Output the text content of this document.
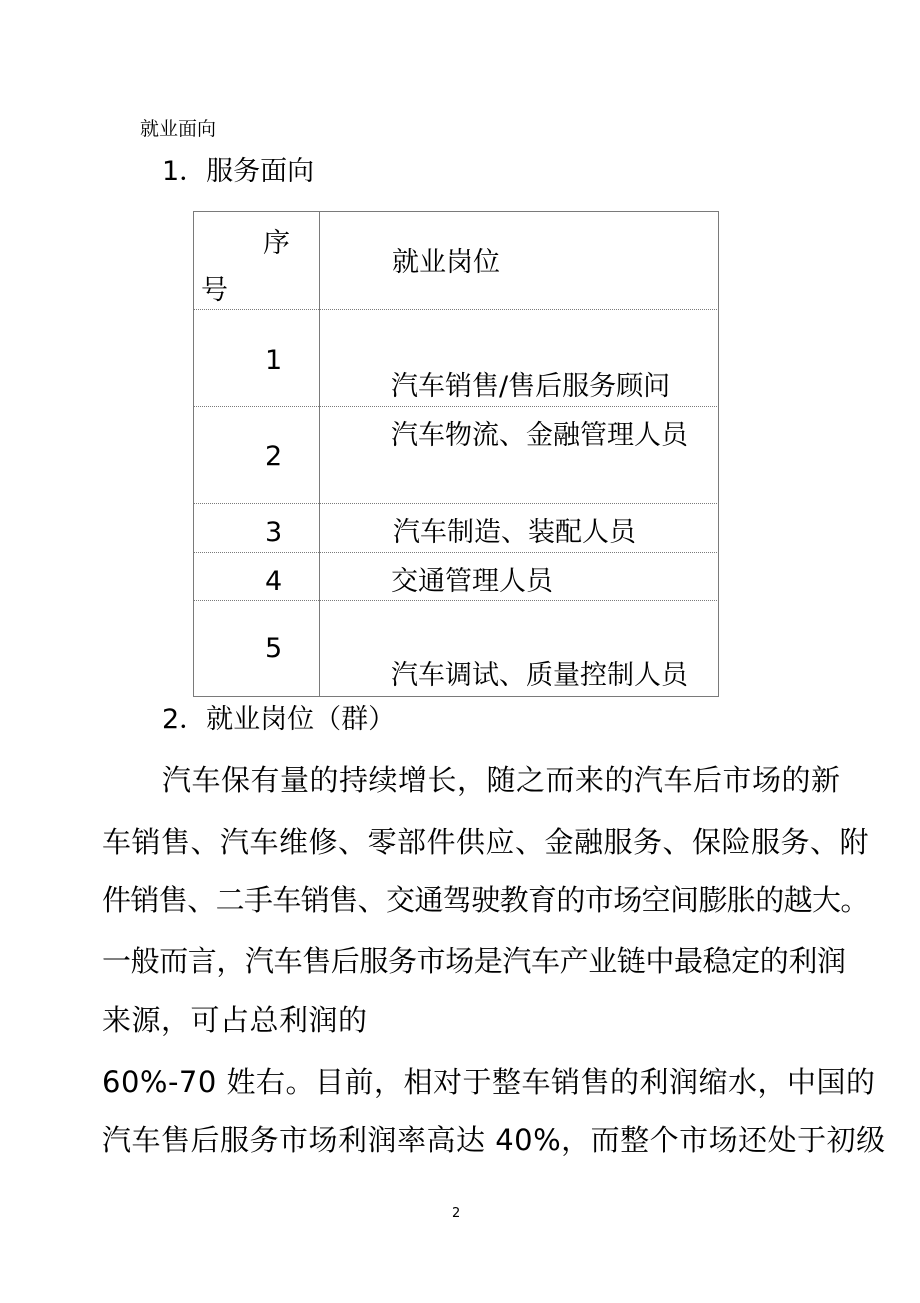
就业面向
1．服务面向
序
号
就业岗位
1
汽车销售/售后服务顾问
2
汽车物流、金融管理人员
3	汽车制造、装配人员
4	交通管理人员
5
汽车调试、质量控制人员
2．就业岗位（群）
汽车保有量的持续增长，随之而来的汽车后市场的新
车销售、汽车维修、零部件供应、金融服务、保险服务、附
件销售、二手车销售、交通驾驶教育的市场空间膨胀的越大。
一般而言，汽车售后服务市场是汽车产业链中最稳定的利润
来源，可占总利润的
60%-70 姓右。目前，相对于整车销售的利润缩水，中国的
汽车售后服务市场利润率高达 40%，而整个市场还处于初级
2
